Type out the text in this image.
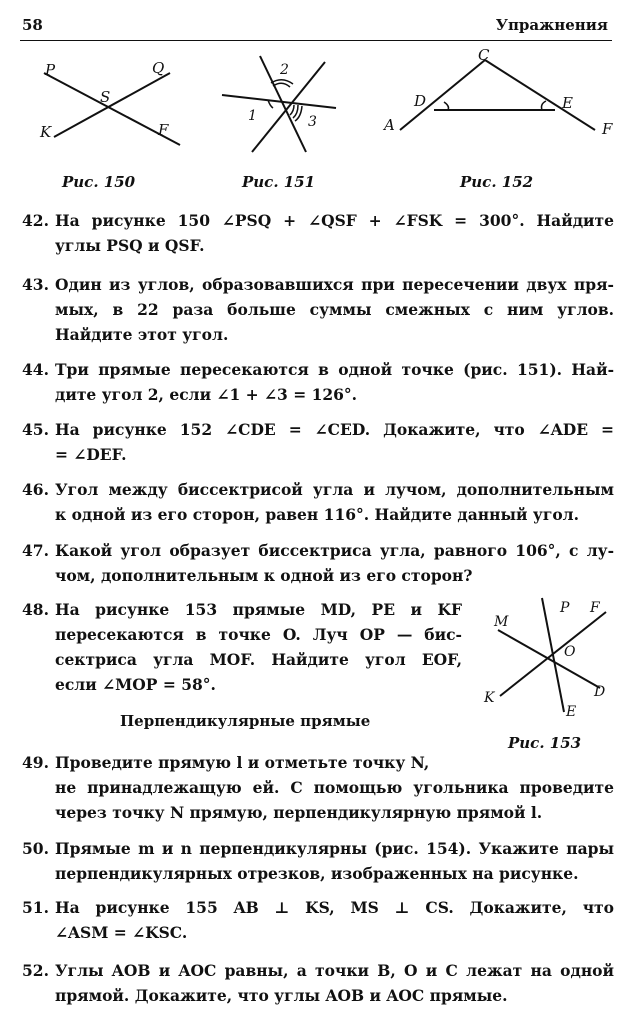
58	Упражнения
P	Q
S
K	F
Рис. 150
2
1	3
Рис. 151
C
D	E
A	F
Рис. 152
42. На рисунке 150 ∠PSQ + ∠QSF + ∠FSK = 300°. Найдите
углы PSQ и QSF.
43. Один из углов, образовавшихся при пересечении двух пря-
мых, в 22 раза больше суммы смежных с ним углов.
Найдите этот угол.
44. Три прямые пересекаются в одной точке (рис. 151). Най-
дите угол 2, если ∠1 + ∠3 = 126°.
45. На рисунке 152 ∠CDE = ∠CED. Докажите, что ∠ADE =
= ∠DEF.
46. Угол между биссектрисой угла и лучом, дополнительным
к одной из его сторон, равен 116°. Найдите данный угол.
47. Какой угол образует биссектриса угла, равного 106°, с лу-
чом, дополнительным к одной из его сторон?
48. На рисунке 153 прямые MD, PE и KF
пересекаются в точке O. Луч OP — бис-
сектриса угла MOF. Найдите угол EOF,
если ∠MOP = 58°.
P F
M
O
K	D
E
Рис. 153
Перпендикулярные прямые
49. Проведите прямую l и отметьте точку N,
не принадлежащую ей. С помощью угольника проведите
через точку N прямую, перпендикулярную прямой l.
50. Прямые m и n перпендикулярны (рис. 154). Укажите пары
перпендикулярных отрезков, изображенных на рисунке.
51. На рисунке 155 AB ⊥ KS, MS ⊥ CS. Докажите, что
∠ASM = ∠KSC.
52. Углы AOB и AOC равны, а точки B, O и C лежат на одной
прямой. Докажите, что углы AOB и AOC прямые.
